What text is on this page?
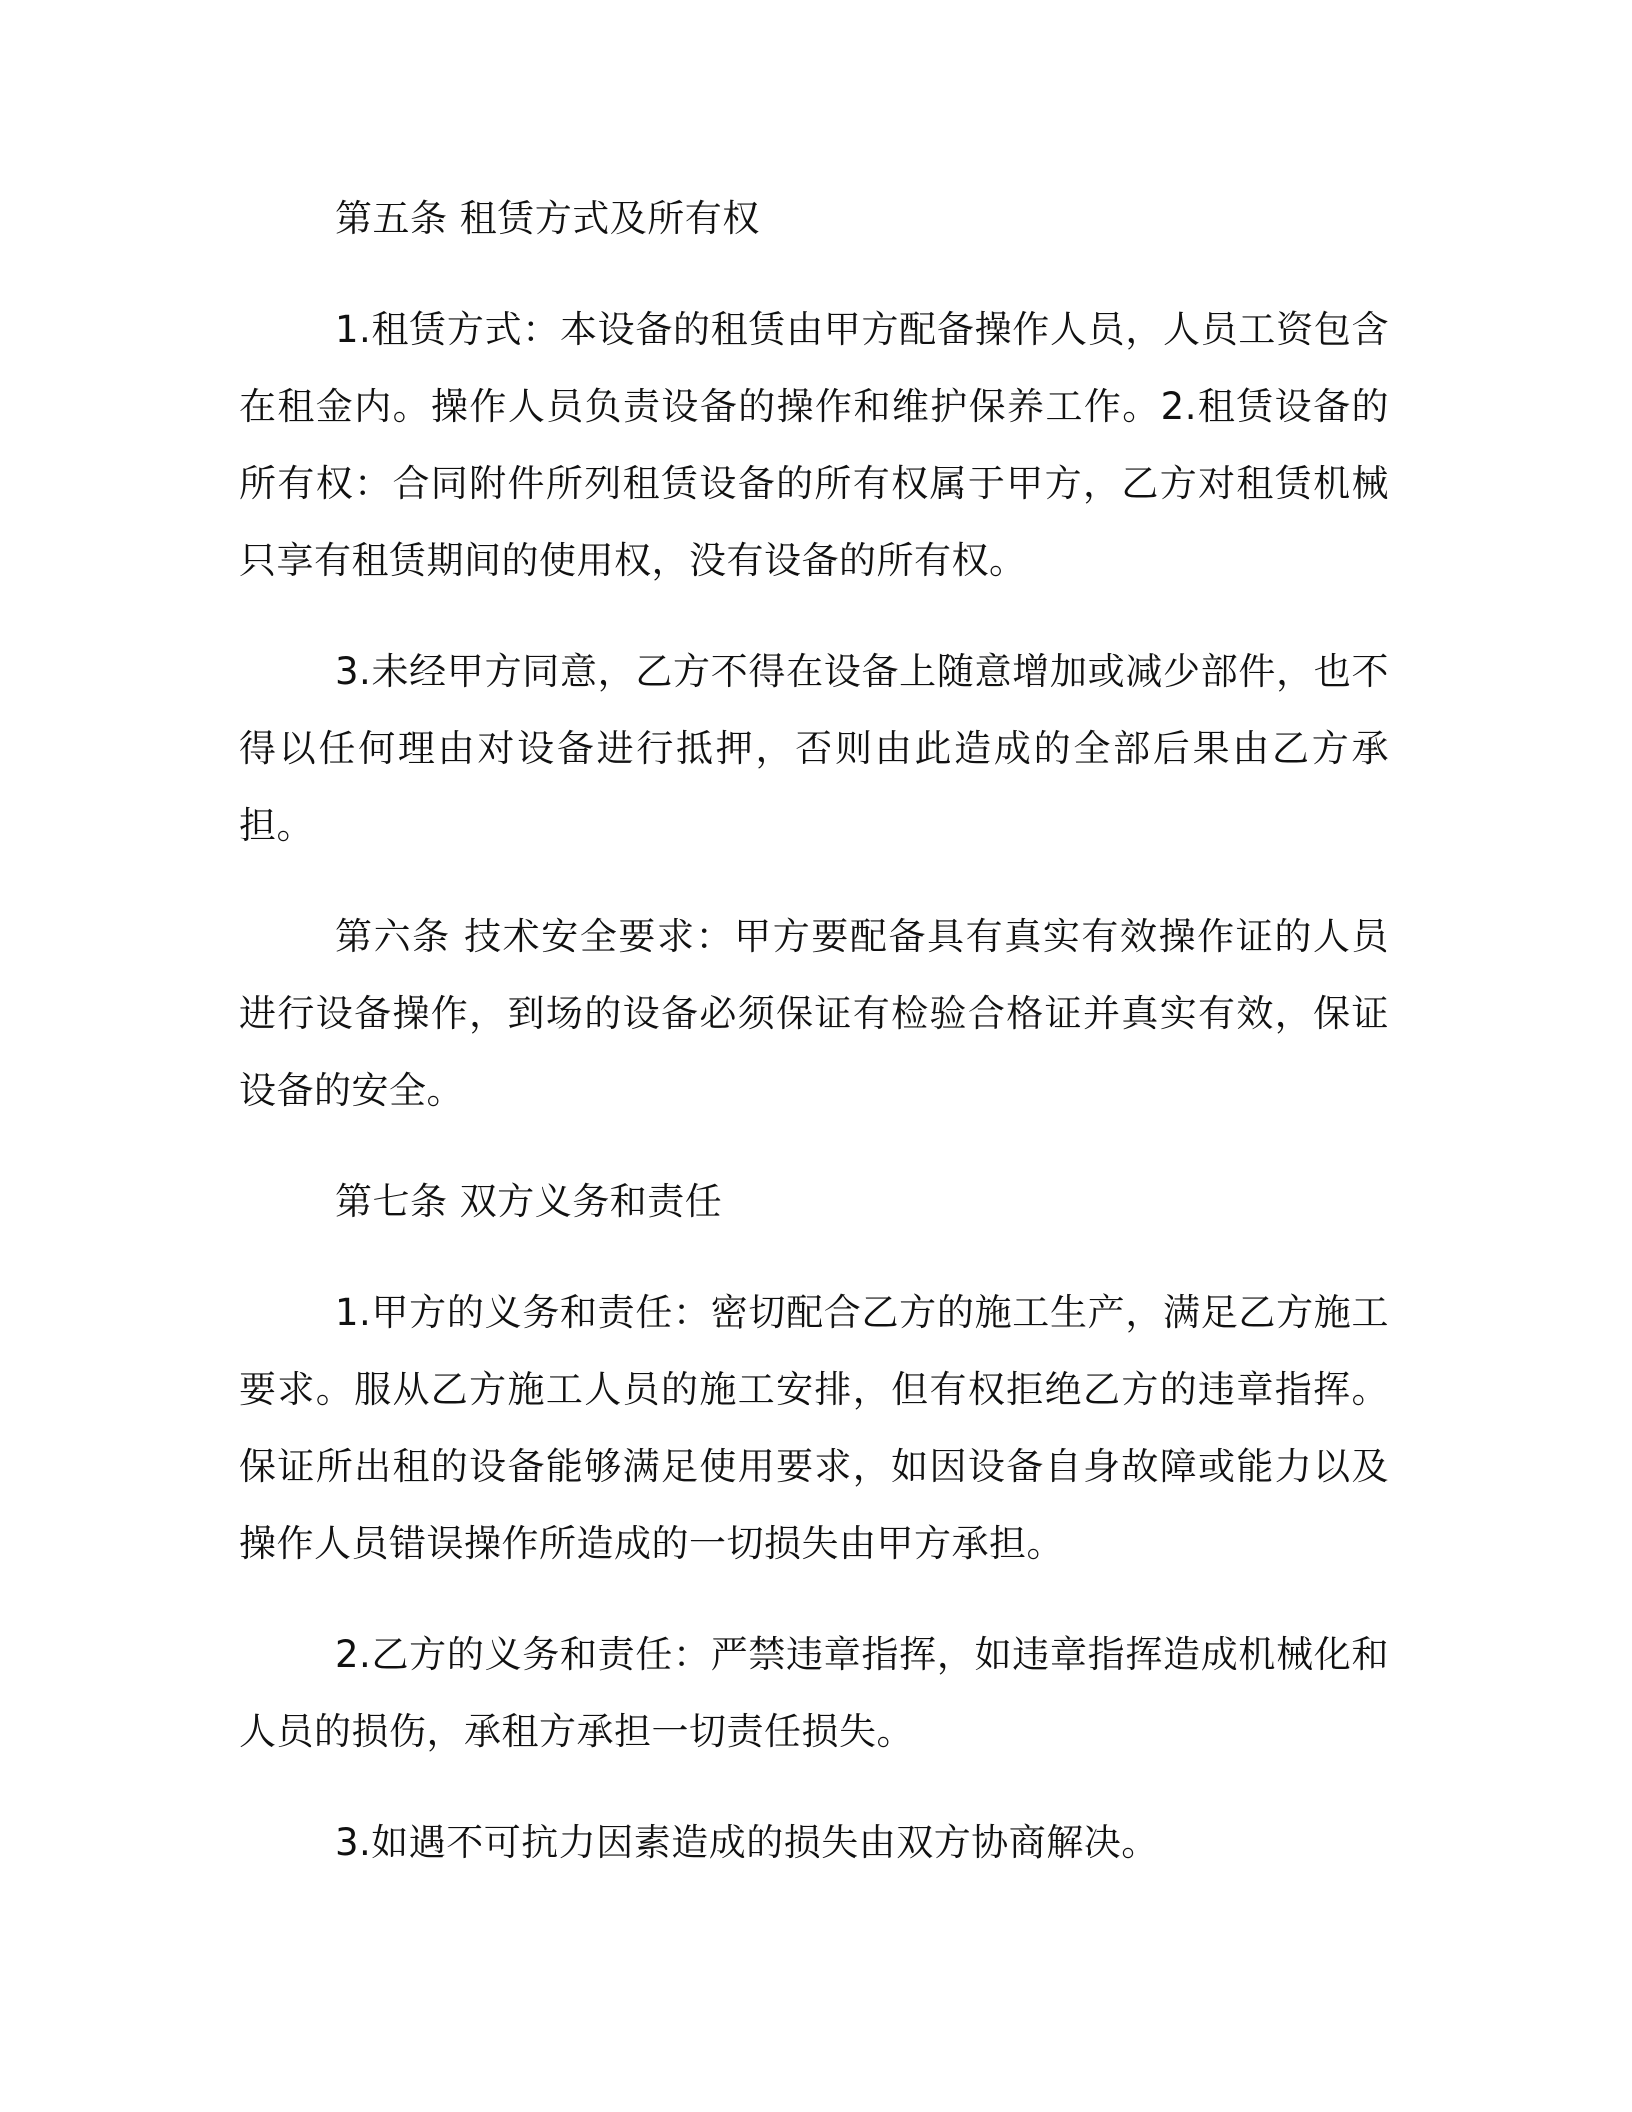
第五条 租赁方式及所有权

1.租赁方式：本设备的租赁由甲方配备操作人员，人员工资包含在租金内。操作人员负责设备的操作和维护保养工作。2.租赁设备的所有权：合同附件所列租赁设备的所有权属于甲方，乙方对租赁机械只享有租赁期间的使用权，没有设备的所有权。

3.未经甲方同意，乙方不得在设备上随意增加或减少部件，也不得以任何理由对设备进行抵押，否则由此造成的全部后果由乙方承担。

第六条 技术安全要求：甲方要配备具有真实有效操作证的人员进行设备操作，到场的设备必须保证有检验合格证并真实有效，保证设备的安全。

第七条 双方义务和责任

1.甲方的义务和责任：密切配合乙方的施工生产，满足乙方施工要求。服从乙方施工人员的施工安排，但有权拒绝乙方的违章指挥。保证所出租的设备能够满足使用要求，如因设备自身故障或能力以及操作人员错误操作所造成的一切损失由甲方承担。

2.乙方的义务和责任：严禁违章指挥，如违章指挥造成机械化和人员的损伤，承租方承担一切责任损失。

3.如遇不可抗力因素造成的损失由双方协商解决。
